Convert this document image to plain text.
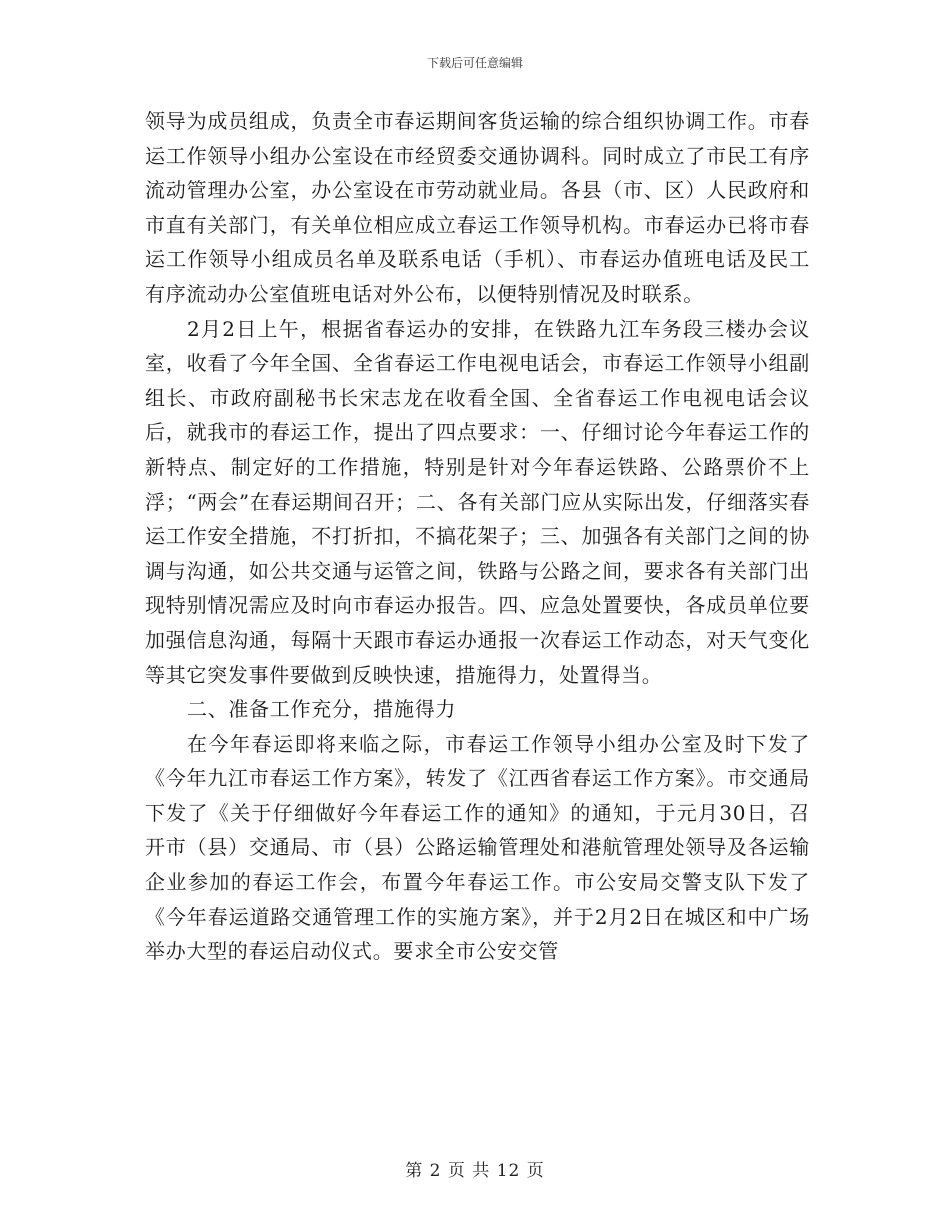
下载后可任意编辑

领导为成员组成，负责全市春运期间客货运输的综合组织协调工作。市春运工作领导小组办公室设在市经贸委交通协调科。同时成立了市民工有序流动管理办公室，办公室设在市劳动就业局。各县（市、区）人民政府和市直有关部门，有关单位相应成立春运工作领导机构。市春运办已将市春运工作领导小组成员名单及联系电话（手机）、市春运办值班电话及民工有序流动办公室值班电话对外公布，以便特别情况及时联系。

2月2日上午，根据省春运办的安排，在铁路九江车务段三楼办会议室，收看了今年全国、全省春运工作电视电话会，市春运工作领导小组副组长、市政府副秘书长宋志龙在收看全国、全省春运工作电视电话会议后，就我市的春运工作，提出了四点要求：一、仔细讨论今年春运工作的新特点、制定好的工作措施，特别是针对今年春运铁路、公路票价不上浮；“两会”在春运期间召开；二、各有关部门应从实际出发，仔细落实春运工作安全措施，不打折扣，不搞花架子；三、加强各有关部门之间的协调与沟通，如公共交通与运管之间，铁路与公路之间，要求各有关部门出现特别情况需应及时向市春运办报告。四、应急处置要快，各成员单位要加强信息沟通，每隔十天跟市春运办通报一次春运工作动态，对天气变化等其它突发事件要做到反映快速，措施得力，处置得当。

二、准备工作充分，措施得力

在今年春运即将来临之际，市春运工作领导小组办公室及时下发了《今年九江市春运工作方案》，转发了《江西省春运工作方案》。市交通局下发了《关于仔细做好今年春运工作的通知》的通知，于元月30日，召开市（县）交通局、市（县）公路运输管理处和港航管理处领导及各运输企业参加的春运工作会，布置今年春运工作。市公安局交警支队下发了《今年春运道路交通管理工作的实施方案》，并于2月2日在城区和中广场举办大型的春运启动仪式。要求全市公安交管

第 2 页 共 12 页
